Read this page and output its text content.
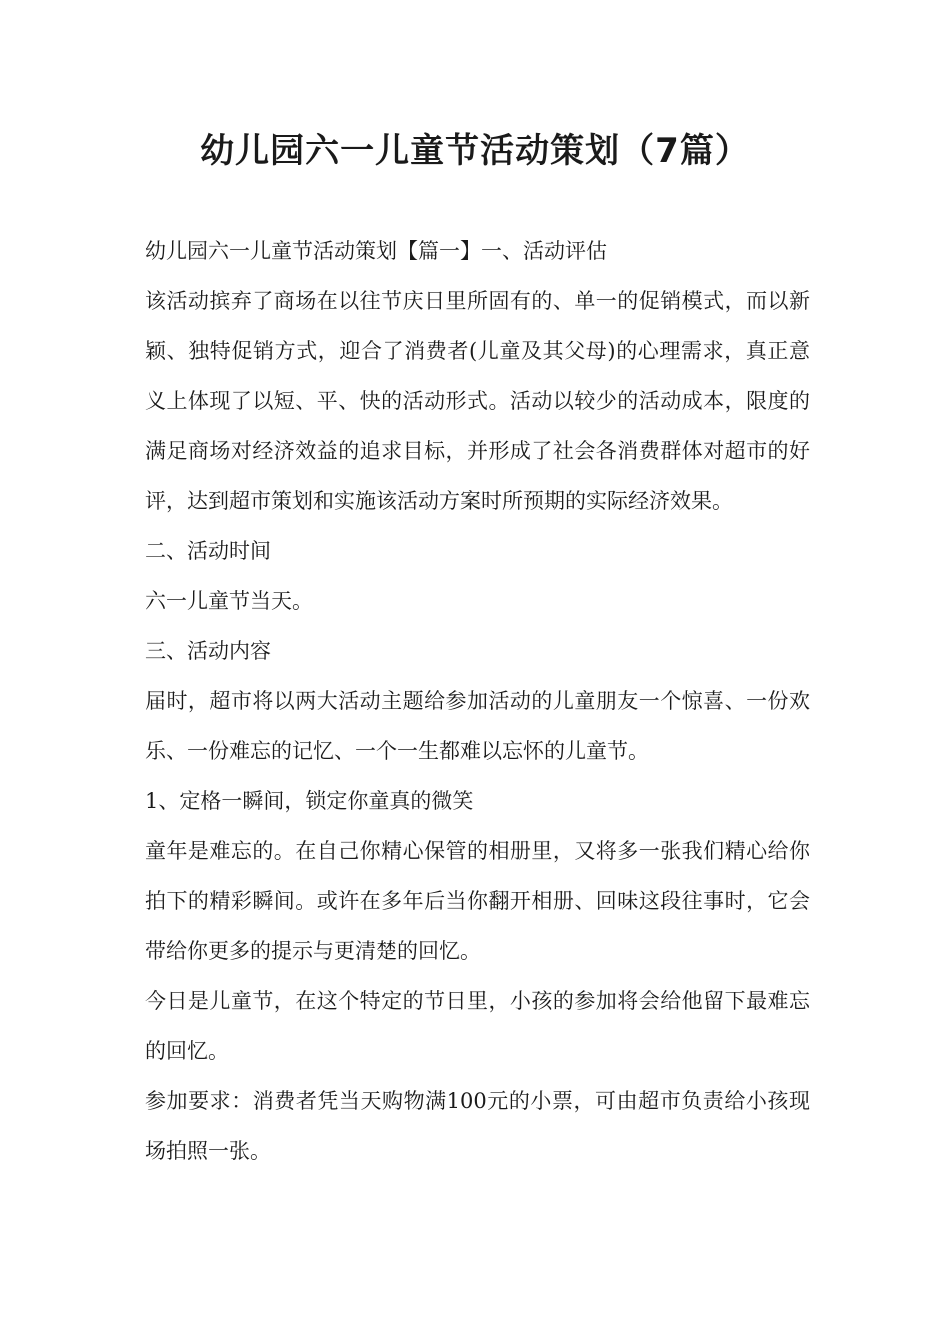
幼儿园六一儿童节活动策划（7篇）

幼儿园六一儿童节活动策划【篇一】一、活动评估

该活动摈弃了商场在以往节庆日里所固有的、单一的促销模式，而以新颖、独特促销方式，迎合了消费者(儿童及其父母)的心理需求，真正意义上体现了以短、平、快的活动形式。活动以较少的活动成本，限度的满足商场对经济效益的追求目标，并形成了社会各消费群体对超市的好评，达到超市策划和实施该活动方案时所预期的实际经济效果。

二、活动时间

六一儿童节当天。

三、活动内容

届时，超市将以两大活动主题给参加活动的儿童朋友一个惊喜、一份欢乐、一份难忘的记忆、一个一生都难以忘怀的儿童节。

1、定格一瞬间，锁定你童真的微笑

童年是难忘的。在自己你精心保管的相册里，又将多一张我们精心给你拍下的精彩瞬间。或许在多年后当你翻开相册、回味这段往事时，它会带给你更多的提示与更清楚的回忆。

今日是儿童节，在这个特定的节日里，小孩的参加将会给他留下最难忘的回忆。

参加要求：消费者凭当天购物满100元的小票，可由超市负责给小孩现场拍照一张。
